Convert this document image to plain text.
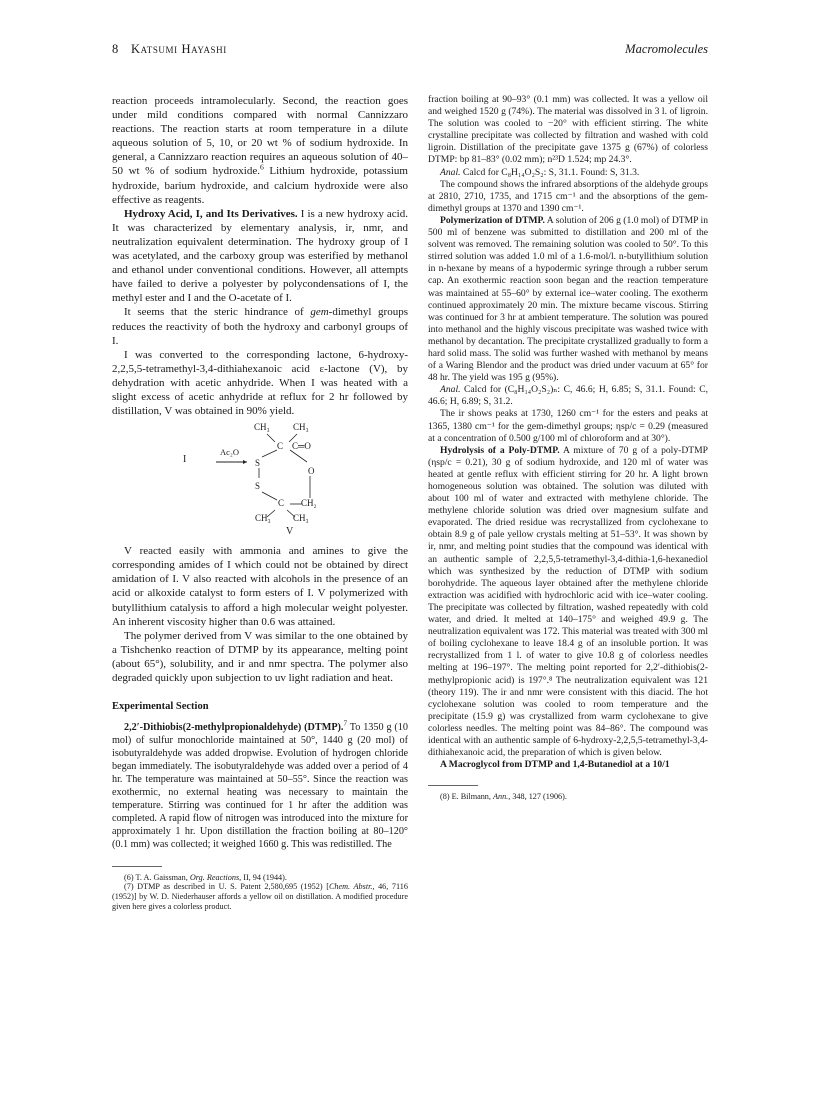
8 Katsumi Hayashi	Macromolecules

reaction proceeds intramolecularly. Second, the reaction goes under mild conditions compared with normal Cannizzaro reactions. The reaction starts at room temperature in a dilute aqueous solution of 5, 10, or 20 wt % of sodium hydroxide. In general, a Cannizzaro reaction requires an aqueous solution of 40–50 wt % of sodium hydroxide.$^6$ Lithium hydroxide, potassium hydroxide, barium hydroxide, and calcium hydroxide were also effective as reagents.

Hydroxy Acid, I, and Its Derivatives. I is a new hydroxy acid. It was characterized by elementary analysis, ir, nmr, and neutralization equivalent determination. The hydroxy group of I was acetylated, and the carboxy group was esterified by methanol and ethanol under conventional conditions. However, all attempts have failed to derive a polyester by polycondensations of I, the methyl ester and I and the O-acetate of I.

It seems that the steric hindrance of gem-dimethyl groups reduces the reactivity of both the hydroxy and carbonyl groups of I.

I was converted to the corresponding lactone, 6-hydroxy-2,2,5,5-tetramethyl-3,4-dithiahexanoic acid ε-lactone (V), by dehydration with acetic anhydride. When I was heated with a slight excess of acetic anhydride at reflux for 2 hr followed by distillation, V was obtained in 90% yield.

CH₃	CH₃
C C═O
I
Ac₂O
S
O
S
C CH₂
CH₃ CH₃
V

V reacted easily with ammonia and amines to give the corresponding amides of I which could not be obtained by direct amidation of I. V also reacted with alcohols in the presence of an acid or alkoxide catalyst to form esters of I. V polymerized with butyllithium catalysis to afford a high molecular weight polyester. An inherent viscosity higher than 0.6 was attained.

The polymer derived from V was similar to the one obtained by a Tishchenko reaction of DTMP by its appearance, melting point (about 65°), solubility, and ir and nmr spectra. The polymer also degraded quickly upon subjection to uv light radiation and heat.

Experimental Section

2,2′-Dithiobis(2-methylpropionaldehyde) (DTMP).$^7$ To 1350 g (10 mol) of sulfur monochloride maintained at 50°, 1440 g (20 mol) of isobutyraldehyde was added dropwise. Evolution of hydrogen chloride began immediately. The isobutyraldehyde was added over a period of 4 hr. The temperature was maintained at 50–55°. Since the reaction was exothermic, no external heating was necessary to maintain the temperature. Stirring was continued for 1 hr after the addition was completed. A rapid flow of nitrogen was introduced into the mixture for approximately 1 hr. Upon distillation the fraction boiling at 80–120° (0.1 mm) was collected; it weighed 1660 g. This was redistilled. The

(6) T. A. Gaissman, Org. Reactions, II, 94 (1944).

(7) DTMP as described in U. S. Patent 2,580,695 (1952) [Chem. Abstr., 46, 7116 (1952)] by W. D. Niederhauser affords a yellow oil on distillation. A modified procedure given here gives a colorless product.

fraction boiling at 90–93° (0.1 mm) was collected. It was a yellow oil and weighed 1520 g (74%). The material was dissolved in 3 l. of ligroin. The solution was cooled to −20° with efficient stirring. The white crystalline precipitate was collected by filtration and washed with cold ligroin. Distillation of the precipitate gave 1375 g (67%) of colorless DTMP: bp 81–83° (0.02 mm); n²³D 1.524; mp 24.3°.

Anal. Calcd for C₈H₁₄O₂S₂: S, 31.1. Found: S, 31.3.

The compound shows the infrared absorptions of the aldehyde groups at 2810, 2710, 1735, and 1715 cm⁻¹ and the absorptions of the gem-dimethyl groups at 1370 and 1390 cm⁻¹.

Polymerization of DTMP. A solution of 206 g (1.0 mol) of DTMP in 500 ml of benzene was submitted to distillation and 200 ml of the solvent was removed. The remaining solution was cooled to 50°. To this stirred solution was added 1.0 ml of a 1.6-mol/l. n-butyllithium solution in n-hexane by means of a hypodermic syringe through a rubber serum cap. An exothermic reaction soon began and the reaction temperature was maintained at 55–60° by external ice–water cooling. The exotherm continued approximately 20 min. The mixture became viscous. Stirring was continued for 3 hr at ambient temperature. The solution was poured into methanol and the highly viscous precipitate was washed twice with methanol by decantation. The precipitate crystallized gradually to form a hard solid mass. The solid was further washed with methanol by means of a Waring Blendor and the product was dried under vacuum at 65° for 48 hr. The yield was 195 g (95%).

Anal. Calcd for (C₈H₁₄O₂S₂)ₙ: C, 46.6; H, 6.85; S, 31.1. Found: C, 46.6; H, 6.89; S, 31.2.

The ir shows peaks at 1730, 1260 cm⁻¹ for the esters and peaks at 1365, 1380 cm⁻¹ for the gem-dimethyl groups; ηsp/c = 0.29 (measured at a concentration of 0.500 g/100 ml of chloroform and at 30°).

Hydrolysis of a Poly-DTMP. A mixture of 70 g of a poly-DTMP (ηsp/c = 0.21), 30 g of sodium hydroxide, and 120 ml of water was heated at gentle reflux with efficient stirring for 20 hr. A light brown homogeneous solution was obtained. The solution was diluted with about 100 ml of water and extracted with methylene chloride. The methylene chloride solution was dried over magnesium sulfate and evaporated. The dried residue was recrystallized from cyclohexane to obtain 8.9 g of pale yellow crystals melting at 51–53°. It was shown by ir, nmr, and melting point studies that the compound was identical with an authentic sample of 2,2,5,5-tetramethyl-3,4-dithia-1,6-hexanediol which was synthesized by the reduction of DTMP with sodium borohydride. The aqueous layer obtained after the methylene chloride extraction was acidified with hydrochloric acid with ice–water cooling. The precipitate was collected by filtration, washed repeatedly with cold water, and dried. It melted at 140–175° and weighed 49.9 g. The neutralization equivalent was 172. This material was treated with 300 ml of boiling cyclohexane to leave 18.4 g of an insoluble portion. It was recrystallized from 1 l. of water to give 10.8 g of colorless needles melting at 196–197°. The melting point reported for 2,2′-dithiobis(2-methylpropionic acid) is 197°.⁸ The neutralization equivalent was 121 (theory 119). The ir and nmr were consistent with this diacid. The hot cyclohexane solution was cooled to room temperature and the precipitate (15.9 g) was crystallized from warm cyclohexane to give colorless needles. The melting point was 84–86°. The compound was identical with an authentic sample of 6-hydroxy-2,2,5,5-tetramethyl-3,4-dithiahexanoic acid, the preparation of which is given below.

A Macroglycol from DTMP and 1,4-Butanediol at a 10/1

(8) E. Bilmann, Ann., 348, 127 (1906).
